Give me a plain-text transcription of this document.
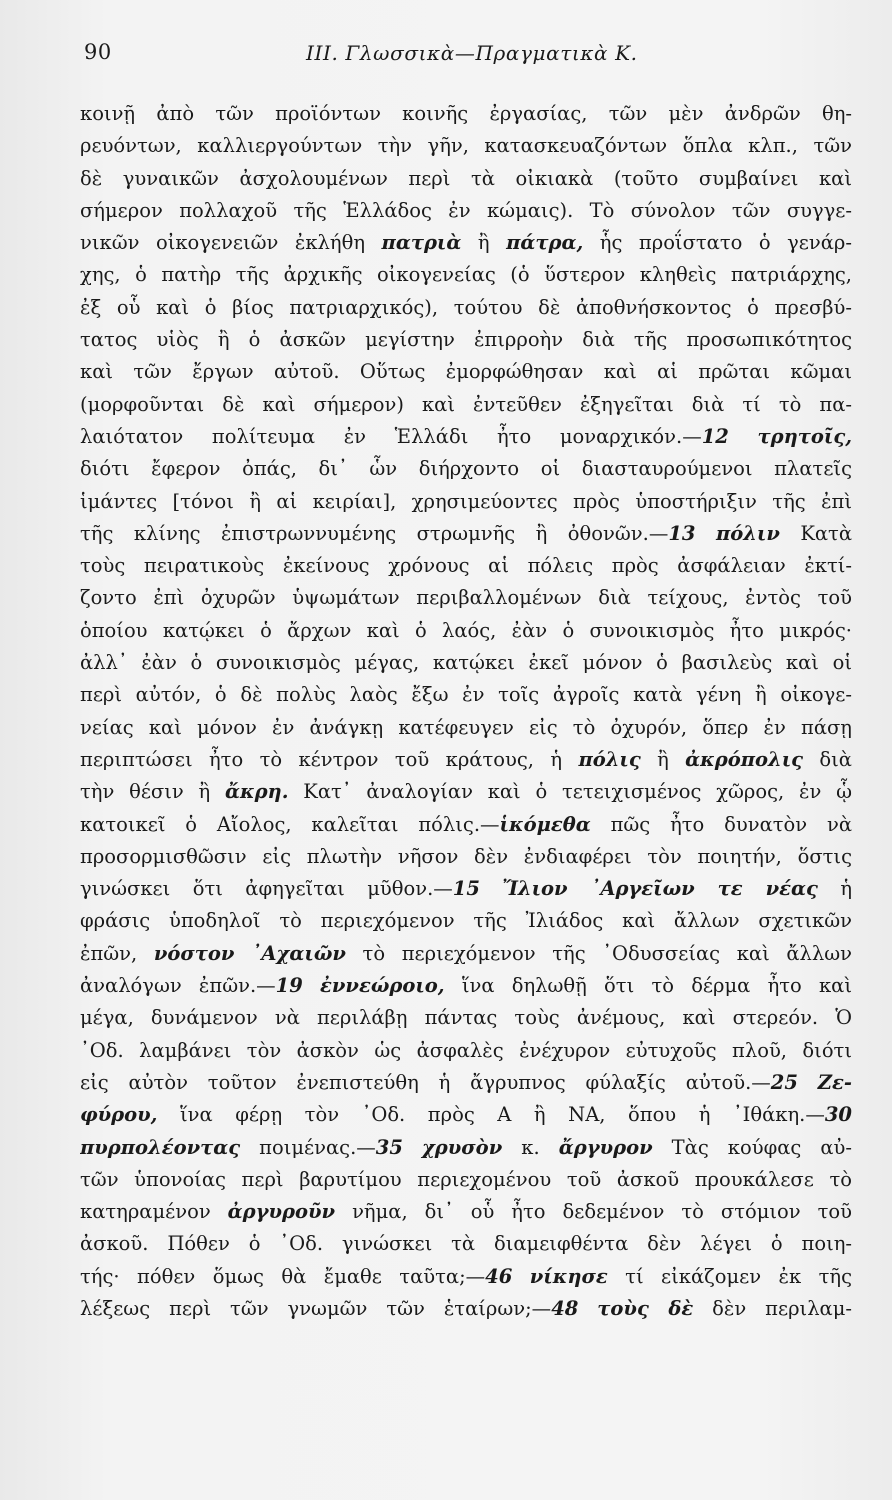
90	III. Γλωσσικὰ—Πραγματικὰ Κ.
κοινῇ ἀπὸ τῶν προϊόντων κοινῆς ἐργασίας, τῶν μὲν ἀνδρῶν θη-
ρευόντων, καλλιεργούντων τὴν γῆν, κατασκευαζόντων ὅπλα κλπ., τῶν
δὲ γυναικῶν ἀσχολουμένων περὶ τὰ οἰκιακὰ (τοῦτο συμβαίνει καὶ
σήμερον πολλαχοῦ τῆς Ἑλλάδος ἐν κώμαις). Τὸ σύνολον τῶν συγγε-
νικῶν οἰκογενειῶν ἐκλήθη πατριὰ ἢ πάτρα, ἧς προΐστατο ὁ γενάρ-
χης, ὁ πατὴρ τῆς ἀρχικῆς οἰκογενείας (ὁ ὕστερον κληθεὶς πατριάρχης,
ἐξ οὗ καὶ ὁ βίος πατριαρχικός), τούτου δὲ ἀποθνήσκοντος ὁ πρεσβύ-
τατος υἱὸς ἢ ὁ ἀσκῶν μεγίστην ἐπιρροὴν διὰ τῆς προσωπικότητος
καὶ τῶν ἔργων αὐτοῦ. Οὕτως ἐμορφώθησαν καὶ αἱ πρῶται κῶμαι
(μορφοῦνται δὲ καὶ σήμερον) καὶ ἐντεῦθεν ἐξηγεῖται διὰ τί τὸ πα-
λαιότατον πολίτευμα ἐν Ἑλλάδι ἦτο μοναρχικόν.—12 τρητοῖς,
διότι ἔφερον ὀπάς, δι᾽ ὧν διήρχοντο οἱ διασταυρούμενοι πλατεῖς
ἱμάντες [τόνοι ἢ αἱ κειρίαι], χρησιμεύοντες πρὸς ὑποστήριξιν τῆς ἐπὶ
τῆς κλίνης ἐπιστρωννυμένης στρωμνῆς ἢ ὀθονῶν.—13 πόλιν Κατὰ
τοὺς πειρατικοὺς ἐκείνους χρόνους αἱ πόλεις πρὸς ἀσφάλειαν ἐκτί-
ζοντο ἐπὶ ὀχυρῶν ὑψωμάτων περιβαλλομένων διὰ τείχους, ἐντὸς τοῦ
ὁποίου κατῴκει ὁ ἄρχων καὶ ὁ λαός, ἐὰν ὁ συνοικισμὸς ἦτο μικρός·
ἀλλ᾽ ἐὰν ὁ συνοικισμὸς μέγας, κατῴκει ἐκεῖ μόνον ὁ βασιλεὺς καὶ οἱ
περὶ αὐτόν, ὁ δὲ πολὺς λαὸς ἔξω ἐν τοῖς ἀγροῖς κατὰ γένη ἢ οἰκογε-
νείας καὶ μόνον ἐν ἀνάγκῃ κατέφευγεν εἰς τὸ ὀχυρόν, ὅπερ ἐν πάσῃ
περιπτώσει ἦτο τὸ κέντρον τοῦ κράτους, ἡ πόλις ἢ ἀκρόπολις διὰ
τὴν θέσιν ἢ ἄκρη. Κατ᾽ ἀναλογίαν καὶ ὁ τετειχισμένος χῶρος, ἐν ᾧ
κατοικεῖ ὁ Αἴολος, καλεῖται πόλις.—ἱκόμεθα πῶς ἦτο δυνατὸν νὰ
προσορμισθῶσιν εἰς πλωτὴν νῆσον δὲν ἐνδιαφέρει τὸν ποιητήν, ὅστις
γινώσκει ὅτι ἀφηγεῖται μῦθον.—15 Ἴλιον ᾽Αργεῖων τε νέας ἡ
φράσις ὑποδηλοῖ τὸ περιεχόμενον τῆς Ἰλιάδος καὶ ἄλλων σχετικῶν
ἐπῶν, νόστον ᾽Αχαιῶν τὸ περιεχόμενον τῆς ᾽Οδυσσείας καὶ ἄλλων
ἀναλόγων ἐπῶν.—19 ἐννεώροιο, ἵνα δηλωθῇ ὅτι τὸ δέρμα ἦτο καὶ
μέγα, δυνάμενον νὰ περιλάβῃ πάντας τοὺς ἀνέμους, καὶ στερεόν. Ὁ
᾽Οδ. λαμβάνει τὸν ἀσκὸν ὡς ἀσφαλὲς ἐνέχυρον εὐτυχοῦς πλοῦ, διότι
εἰς αὐτὸν τοῦτον ἐνεπιστεύθη ἡ ἄγρυπνος φύλαξίς αὐτοῦ.—25 Ζε-
φύρου, ἵνα φέρῃ τὸν ᾽Οδ. πρὸς Α ἢ ΝΑ, ὅπου ἡ ᾽Ιθάκη.—30
πυρπολέοντας ποιμένας.—35 χρυσὸν κ. ἄργυρον Τὰς κούφας αὐ-
τῶν ὑπονοίας περὶ βαρυτίμου περιεχομένου τοῦ ἀσκοῦ προυκάλεσε τὸ
κατηραμένον ἀργυροῦν νῆμα, δι᾽ οὗ ἦτο δεδεμένον τὸ στόμιον τοῦ
ἀσκοῦ. Πόθεν ὁ ᾽Οδ. γινώσκει τὰ διαμειφθέντα δὲν λέγει ὁ ποιη-
τής· πόθεν ὅμως θὰ ἔμαθε ταῦτα;—46 νίκησε τί εἰκάζομεν ἐκ τῆς
λέξεως περὶ τῶν γνωμῶν τῶν ἑταίρων;—48 τοὺς δὲ δὲν περιλαμ-
